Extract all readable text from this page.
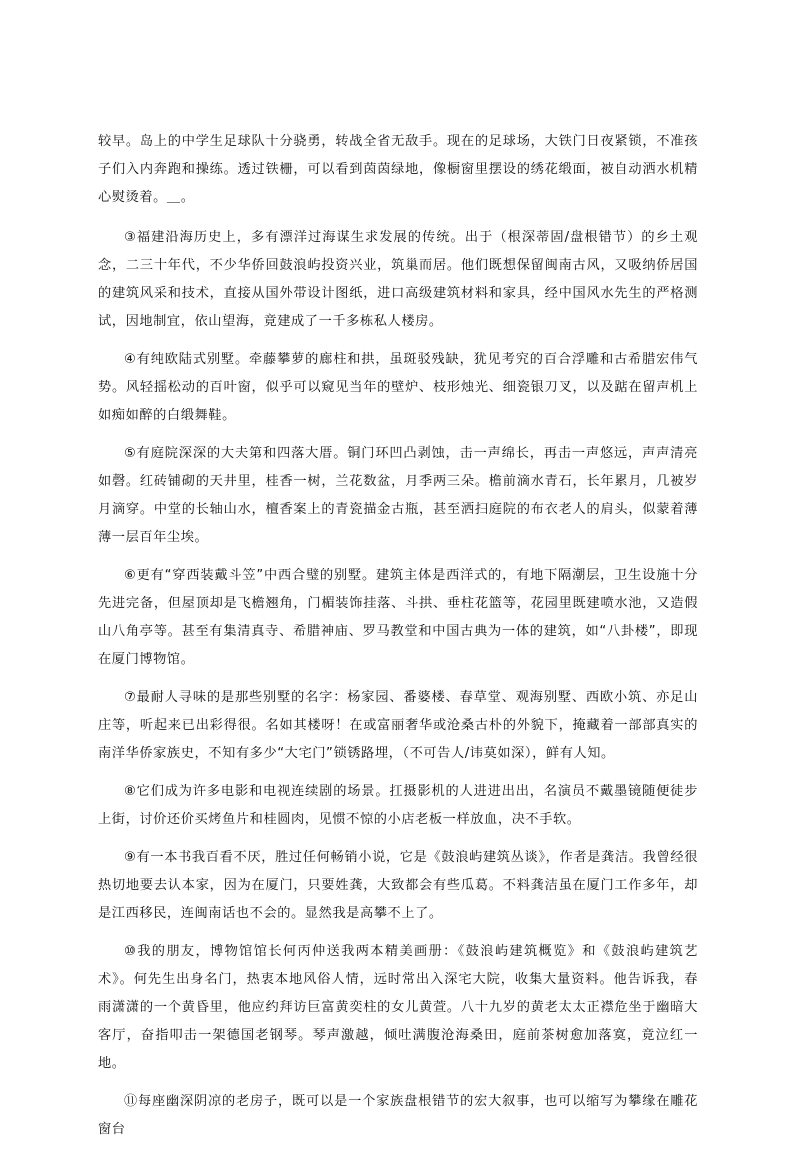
较早。岛上的中学生足球队十分骁勇，转战全省无敌手。现在的足球场，大铁门日夜紧锁，不准孩子们入内奔跑和操练。透过铁栅，可以看到茵茵绿地，像橱窗里摆设的绣花缎面，被自动洒水机精心熨烫着。＿。

③福建沿海历史上，多有漂洋过海谋生求发展的传统。出于（根深蒂固/盘根错节）的乡土观念，二三十年代，不少华侨回鼓浪屿投资兴业，筑巢而居。他们既想保留闽南古风，又吸纳侨居国的建筑风采和技术，直接从国外带设计图纸，进口高级建筑材料和家具，经中国风水先生的严格测试，因地制宜，依山望海，竟建成了一千多栋私人楼房。

④有纯欧陆式别墅。牵藤攀萝的廊柱和拱，虽斑驳残缺，犹见考究的百合浮雕和古希腊宏伟气势。风轻摇松动的百叶窗，似乎可以窥见当年的壁炉、枝形烛光、细瓷银刀叉，以及踮在留声机上如痴如醉的白缎舞鞋。

⑤有庭院深深的大夫第和四落大厝。铜门环凹凸剥蚀，击一声绵长，再击一声悠远，声声清亮如磬。红砖铺砌的天井里，桂香一树，兰花数盆，月季两三朵。檐前滴水青石，长年累月，几被岁月滴穿。中堂的长轴山水，檀香案上的青瓷描金古瓶，甚至洒扫庭院的布衣老人的肩头，似蒙着薄薄一层百年尘埃。

⑥更有“穿西装戴斗笠”中西合璧的别墅。建筑主体是西洋式的，有地下隔潮层，卫生设施十分先进完备，但屋顶却是飞檐翘角，门楣装饰挂落、斗拱、垂柱花篮等，花园里既建喷水池，又造假山八角亭等。甚至有集清真寺、希腊神庙、罗马教堂和中国古典为一体的建筑，如“八卦楼”，即现在厦门博物馆。

⑦最耐人寻味的是那些别墅的名字：杨家园、番婆楼、春草堂、观海别墅、西欧小筑、亦足山庄等，听起来已出彩得很。名如其楼呀！在或富丽奢华或沧桑古朴的外貌下，掩藏着一部部真实的南洋华侨家族史，不知有多少“大宅门”锁锈路埋，（不可告人/讳莫如深），鲜有人知。

⑧它们成为许多电影和电视连续剧的场景。扛摄影机的人进进出出，名演员不戴墨镜随便徒步上街，讨价还价买烤鱼片和桂圆肉，见惯不惊的小店老板一样放血，决不手软。

⑨有一本书我百看不厌，胜过任何畅销小说，它是《鼓浪屿建筑丛谈》，作者是龚洁。我曾经很热切地要去认本家，因为在厦门，只要姓龚，大致都会有些瓜葛。不料龚洁虽在厦门工作多年，却是江西移民，连闽南话也不会的。显然我是高攀不上了。

⑩我的朋友，博物馆馆长何丙仲送我两本精美画册：《鼓浪屿建筑概览》和《鼓浪屿建筑艺术》。何先生出身名门，热衷本地风俗人情，远时常出入深宅大院，收集大量资料。他告诉我，春雨潇潇的一个黄昏里，他应约拜访巨富黄奕柱的女儿黄萱。八十九岁的黄老太太正襟危坐于幽暗大客厅，奋指叩击一架德国老钢琴。琴声激越，倾吐满腹沧海桑田，庭前茶树愈加落寞，竟泣红一地。

⑪每座幽深阴凉的老房子，既可以是一个家族盘根错节的宏大叙事，也可以缩写为攀缘在雕花窗台
